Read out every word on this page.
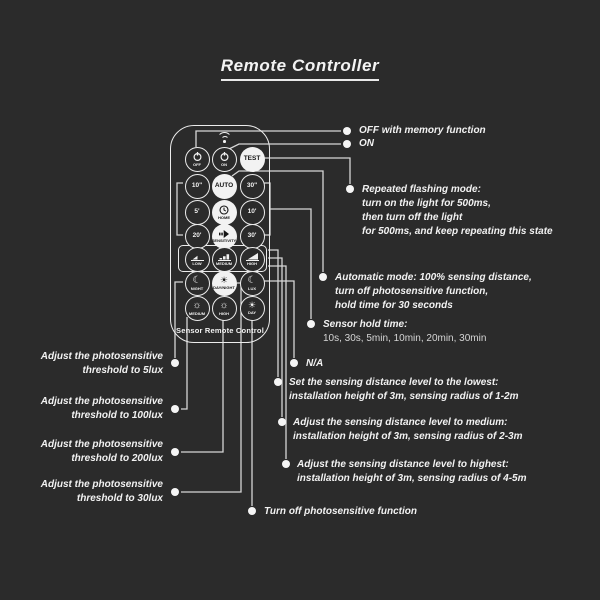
Remote Controller
OFF	ON
TEST
10" AUTO 30"
5'
HOME
10'
20'
SENSITIVITY
30'
LOW	MEDIUM	HIGH
☾
NIGHT
☀
DAY/NIGHT
☾
LUX
☼
MEDIUM
☼
HIGH
☀
DAY
Sensor Remote Control
OFF with memory function
ON
Repeated flashing mode:
turn on the light for 500ms,
then turn off the light
for 500ms, and keep repeating this state
Automatic mode: 100% sensing distance,
turn off photosensitive function,
hold time for 30 seconds
Sensor hold time:
10s, 30s, 5min, 10min, 20min, 30min
N/A
Set the sensing distance level to the lowest:
installation height of 3m, sensing radius of 1-2m
Adjust the sensing distance level to medium:
installation height of 3m, sensing radius of 2-3m
Adjust the sensing distance level to highest:
installation height of 3m, sensing radius of 4-5m
Turn off photosensitive function
Adjust the photosensitive
threshold to 5lux
Adjust the photosensitive
threshold to 100lux
Adjust the photosensitive
threshold to 200lux
Adjust the photosensitive
threshold to 30lux
